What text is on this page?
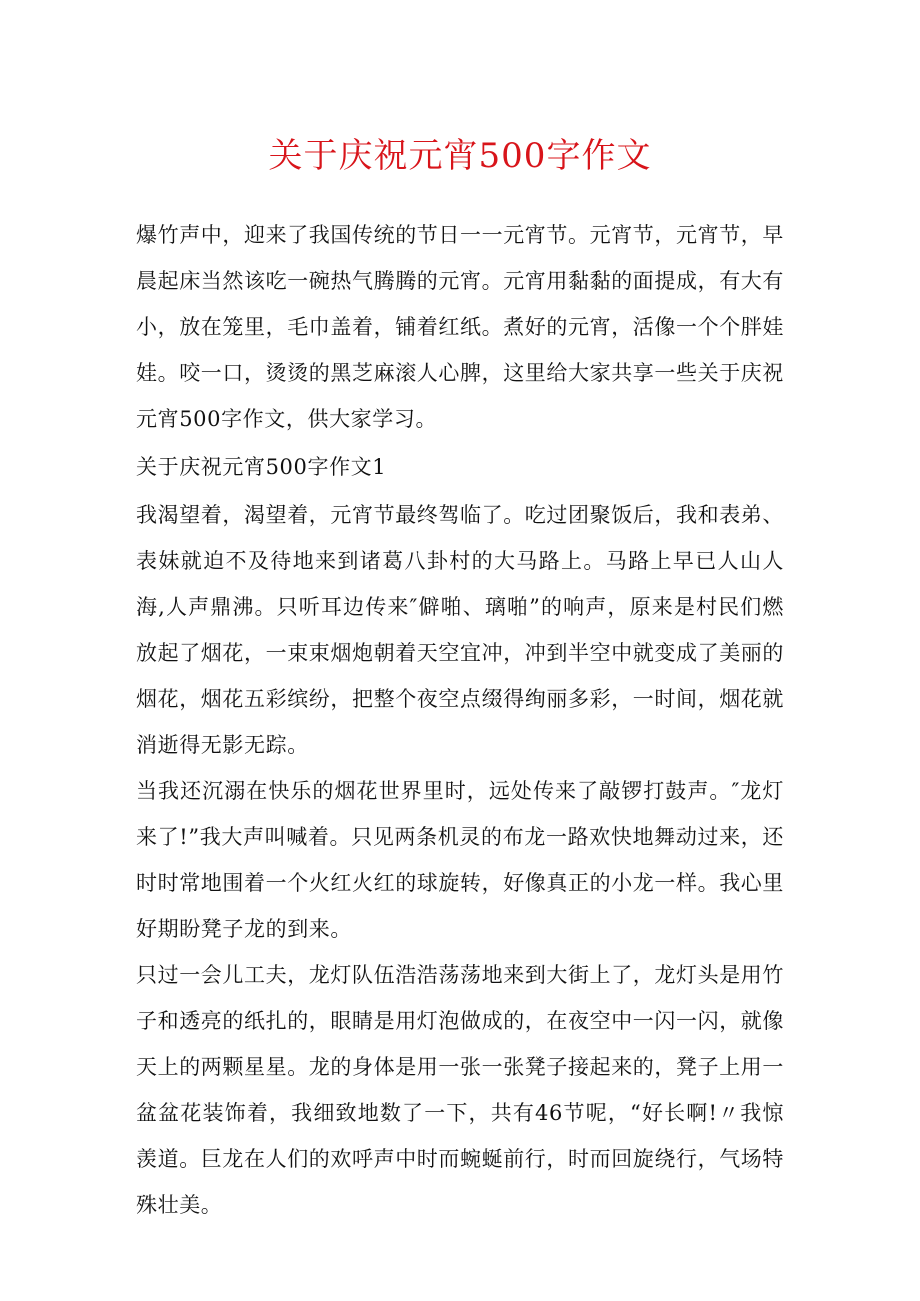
关于庆祝元宵500字作文

爆竹声中，迎来了我国传统的节日一一元宵节。元宵节，元宵节，早晨起床当然该吃一碗热气腾腾的元宵。元宵用黏黏的面提成，有大有小，放在笼里，毛巾盖着，铺着红纸。煮好的元宵，活像一个个胖娃娃。咬一口，烫烫的黑芝麻滚人心脾，这里给大家共享一些关于庆祝元宵500字作文，供大家学习。

关于庆祝元宵500字作文1

我渴望着，渴望着，元宵节最终驾临了。吃过团聚饭后，我和表弟、表妹就迫不及待地来到诸葛八卦村的大马路上。马路上早已人山人海,人声鼎沸。只听耳边传来″僻啪、璃啪”的响声，原来是村民们燃放起了烟花，一束束烟炮朝着天空宜冲，冲到半空中就变成了美丽的烟花，烟花五彩缤纷，把整个夜空点缀得绚丽多彩，一时间，烟花就消逝得无影无踪。

当我还沉溺在快乐的烟花世界里时，远处传来了敲锣打鼓声。″龙灯来了!”我大声叫喊着。只见两条机灵的布龙一路欢快地舞动过来，还时时常地围着一个火红火红的球旋转，好像真正的小龙一样。我心里好期盼凳子龙的到来。

只过一会儿工夫，龙灯队伍浩浩荡荡地来到大街上了，龙灯头是用竹子和透亮的纸扎的，眼睛是用灯泡做成的，在夜空中一闪一闪，就像天上的两颗星星。龙的身体是用一张一张凳子接起来的，凳子上用一盆盆花装饰着，我细致地数了一下，共有46节呢，“好长啊!〃我惊羡道。巨龙在人们的欢呼声中时而蜿蜒前行，时而回旋绕行，气场特殊壮美。
